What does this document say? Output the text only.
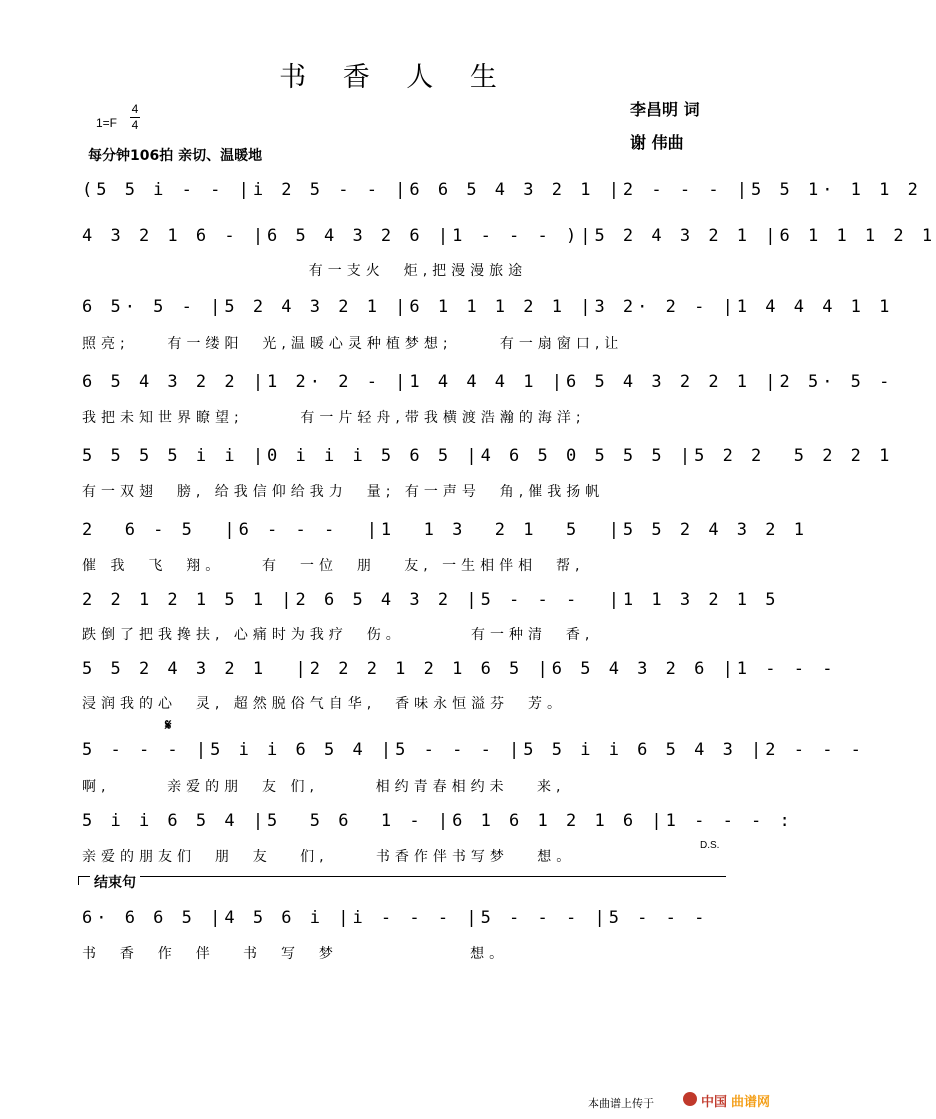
书 香 人 生
1=F
4
4
每分钟106拍 亲切、温暖地
李昌明 词
谢 伟曲
(5 5 i - - |i 2 5 - - |6 6 5 4 3 2 1 |2 - - - |5 5 1· 1 1 2
4 3 2 1 6 - |6 5 4 3 2 6 |1 - - - )|5 2 4 3 2 1 |6 1 1 1 2 1
有一支火  炬,把漫漫旅途
6 5· 5 - |5 2 4 3 2 1 |6 1 1 1 2 1 |3 2· 2 - |1 4 4 4 1 1
照亮;    有一缕阳  光,温暖心灵种植梦想;     有一扇窗口,让
6 5 4 3 2 2 |1 2· 2 - |1 4 4 4 1 |6 5 4 3 2 2 1 |2 5· 5 -
我把未知世界瞭望;      有一片轻舟,带我横渡浩瀚的海洋;
5 5 5 5 i i |0 i i i 5 6 5 |4 6 5 0 5 5 5 |5 2 2  5 2 2 1
有一双翅  膀, 给我信仰给我力  量; 有一声号  角,催我扬帆
2  6 - 5  |6 - - -  |1  1 3  2 1  5  |5 5 2 4 3 2 1
催 我  飞  翔。    有  一位  朋   友, 一生相伴相  帮,
2 2 1 2 1 5 1 |2 6 5 4 3 2 |5 - - -  |1 1 3 2 1 5
跌倒了把我搀扶, 心痛时为我疗  伤。       有一种清  香,
5 5 2 4 3 2 1  |2 2 2 1 2 1 6 5 |6 5 4 3 2 6 |1 - - -
浸润我的心  灵, 超然脱俗气自华,  香味永恒溢芬  芳。
𝄋
5 - - - |5 i i 6 5 4 |5 - - - |5 5 i i 6 5 4 3 |2 - - -
啊,      亲爱的朋  友 们,      相约青春相约未   来,
5 i i 6 5 4 |5  5 6  1 - |6 1 6 1 2 1 6 |1 - - - :
D.S.
亲爱的朋友们  朋  友   们,     书香作伴书写梦   想。
结束句
6· 6 6 5 |4 5 6 i |i - - - |5 - - - |5 - - -
书  香  作  伴   书  写  梦              想。
本曲谱上传于	中国 曲谱网
